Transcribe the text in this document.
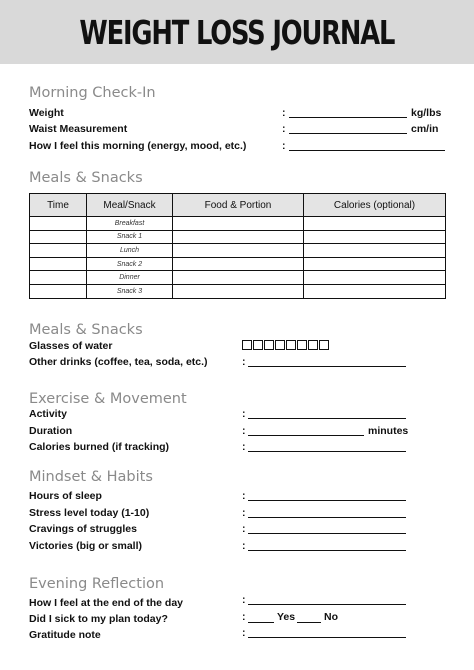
WEIGHT LOSS JOURNAL
Morning Check-In
Weight	:	kg/lbs
Waist Measurement	:	cm/in
How I feel this morning (energy, mood, etc.)	:
Meals & Snacks
Time	Meal/Snack	Food & Portion	Calories (optional)
	Breakfast		
	Snack 1		
	Lunch		
	Snack 2		
	Dinner		
	Snack 3		
Meals & Snacks
Glasses of water
Other drinks (coffee, tea, soda, etc.)	:
Exercise & Movement
Activity	:
Duration	:	minutes
Calories burned (if tracking)	:
Mindset & Habits
Hours of sleep	:
Stress level today (1-10)	:
Cravings of struggles	:
Victories (big or small)	:
Evening Reflection
How I feel at the end of the day	:
Did I sick to my plan today?	:	Yes	No
Gratitude note	:
